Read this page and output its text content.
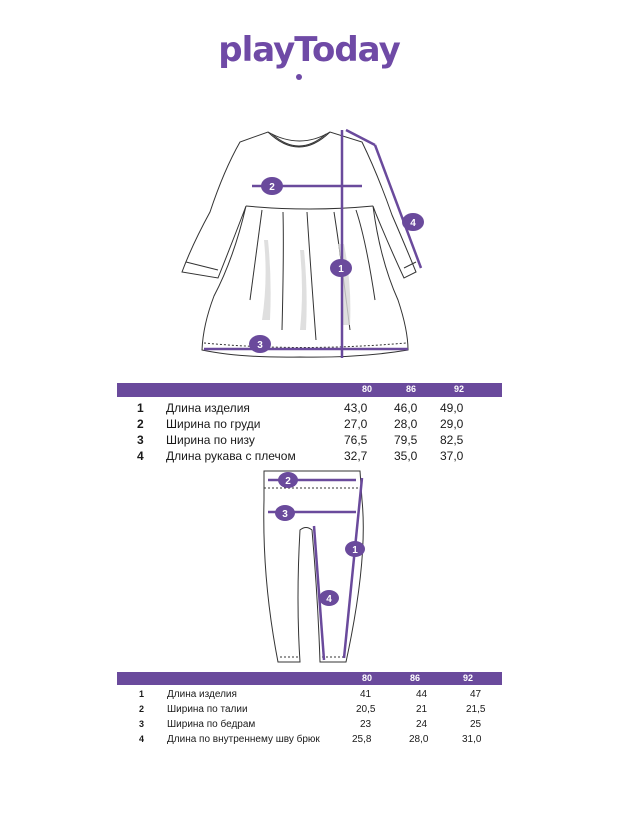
playToday
1
2
3
4
80	86	92
1 Длина изделия	43,0 46,0 49,0
2 Ширина по груди	27,0 28,0 29,0
3 Ширина по низу	76,5 79,5 82,5
4 Длина рукава с плечом	32,7 35,0 37,0
1
2
3
4
80	86	92
1 Длина изделия	41	44	47
2 Ширина по талии	20,5	21	21,5
3 Ширина по бедрам	23	24	25
4 Длина по внутреннему шву брюк	25,8	28,0	31,0
